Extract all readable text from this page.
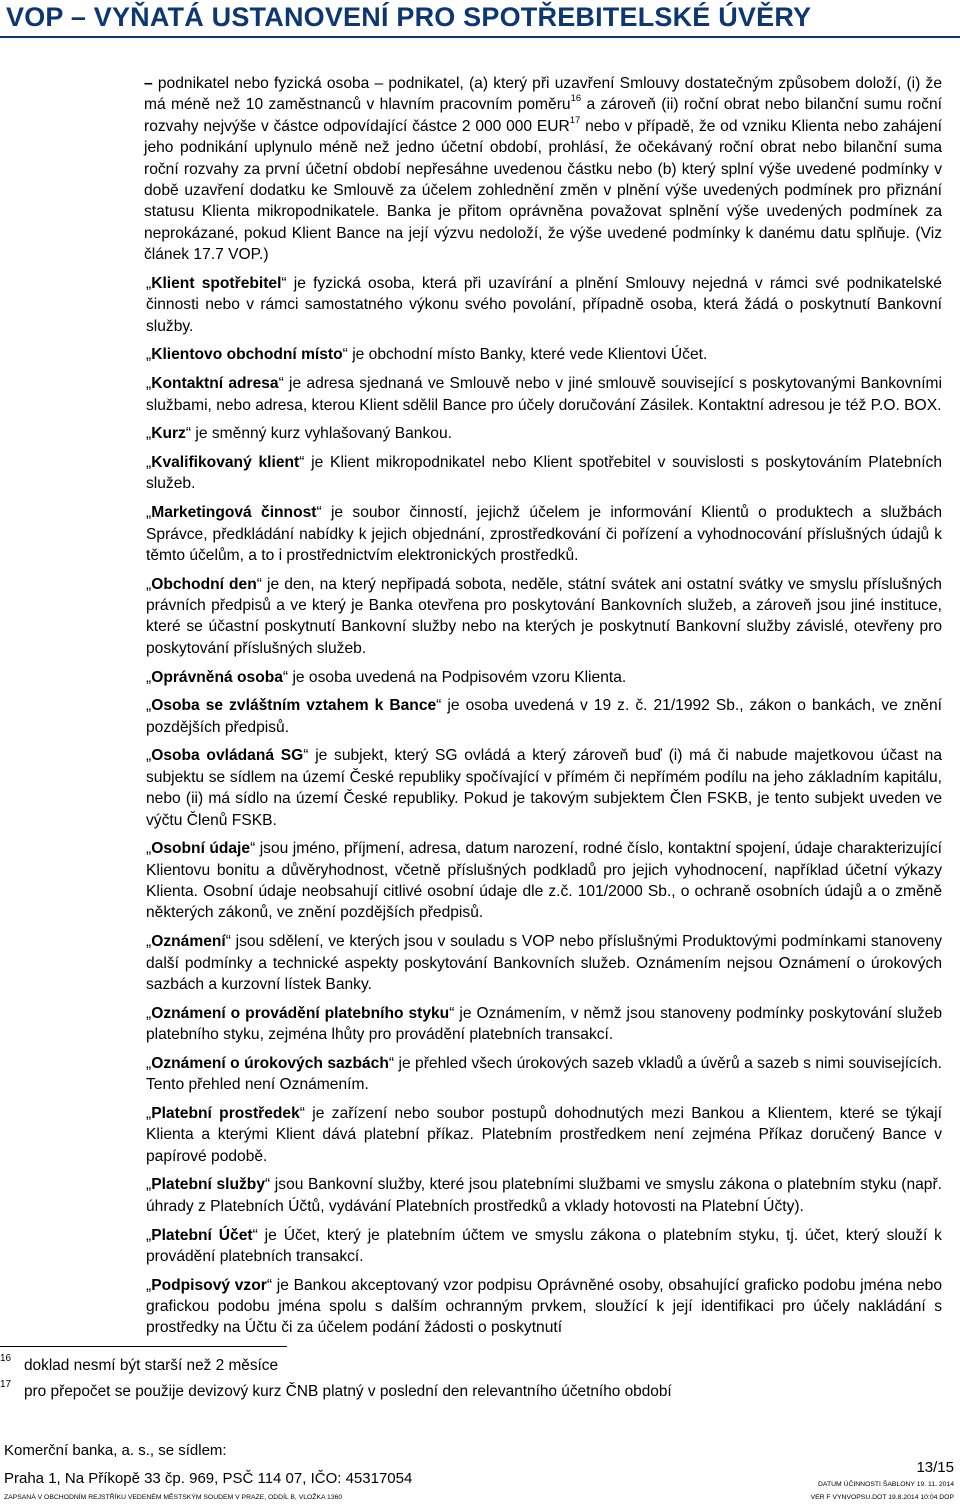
VOP – VYŇATÁ USTANOVENÍ PRO SPOTŘEBITELSKÉ ÚVĚRY

– podnikatel nebo fyzická osoba – podnikatel, (a) který při uzavření Smlouvy dostatečným způsobem doloží, (i) že má méně než 10 zaměstnanců v hlavním pracovním poměru$^{16}$ a zároveň (ii) roční obrat nebo bilanční sumu roční rozvahy nejvýše v částce odpovídající částce 2 000 000 EUR$^{17}$ nebo v případě, že od vzniku Klienta nebo zahájení jeho podnikání uplynulo méně než jedno účetní období, prohlásí, že očekávaný roční obrat nebo bilanční suma roční rozvahy za první účetní období nepřesáhne uvedenou částku nebo (b) který splní výše uvedené podmínky v době uzavření dodatku ke Smlouvě za účelem zohlednění změn v plnění výše uvedených podmínek pro přiznání statusu Klienta mikropodnikatele. Banka je přitom oprávněna považovat splnění výše uvedených podmínek za neprokázané, pokud Klient Bance na její výzvu nedoloží, že výše uvedené podmínky k danému datu splňuje. (Viz článek 17.7 VOP.)

„Klient spotřebitel“ je fyzická osoba, která při uzavírání a plnění Smlouvy nejedná v rámci své podnikatelské činnosti nebo v rámci samostatného výkonu svého povolání, případně osoba, která žádá o poskytnutí Bankovní služby.

„Klientovo obchodní místo“ je obchodní místo Banky, které vede Klientovi Účet.

„Kontaktní adresa“ je adresa sjednaná ve Smlouvě nebo v jiné smlouvě související s poskytovanými Bankovními službami, nebo adresa, kterou Klient sdělil Bance pro účely doručování Zásilek. Kontaktní adresou je též P.O. BOX.

„Kurz“ je směnný kurz vyhlašovaný Bankou.

„Kvalifikovaný klient“ je Klient mikropodnikatel nebo Klient spotřebitel v souvislosti s poskytováním Platebních služeb.

„Marketingová činnost“ je soubor činností, jejichž účelem je informování Klientů o produktech a službách Správce, předkládání nabídky k jejich objednání, zprostředkování či pořízení a vyhodnocování příslušných údajů k těmto účelům, a to i prostřednictvím elektronických prostředků.

„Obchodní den“ je den, na který nepřipadá sobota, neděle, státní svátek ani ostatní svátky ve smyslu příslušných právních předpisů a ve který je Banka otevřena pro poskytování Bankovních služeb, a zároveň jsou jiné instituce, které se účastní poskytnutí Bankovní služby nebo na kterých je poskytnutí Bankovní služby závislé, otevřeny pro poskytování příslušných služeb.

„Oprávněná osoba“ je osoba uvedená na Podpisovém vzoru Klienta.

„Osoba se zvláštním vztahem k Bance“ je osoba uvedená v 19 z. č. 21/1992 Sb., zákon o bankách, ve znění pozdějších předpisů.

„Osoba ovládaná SG“ je subjekt, který SG ovládá a který zároveň buď (i) má či nabude majetkovou účast na subjektu se sídlem na území České republiky spočívající v přímém či nepřímém podílu na jeho základním kapitálu, nebo (ii) má sídlo na území České republiky. Pokud je takovým subjektem Člen FSKB, je tento subjekt uveden ve výčtu Členů FSKB.

„Osobní údaje“ jsou jméno, příjmení, adresa, datum narození, rodné číslo, kontaktní spojení, údaje charakterizující Klientovu bonitu a důvěryhodnost, včetně příslušných podkladů pro jejich vyhodnocení, například účetní výkazy Klienta. Osobní údaje neobsahují citlivé osobní údaje dle z.č. 101/2000 Sb., o ochraně osobních údajů a o změně některých zákonů, ve znění pozdějších předpisů.

„Oznámení“ jsou sdělení, ve kterých jsou v souladu s VOP nebo příslušnými Produktovými podmínkami stanoveny další podmínky a technické aspekty poskytování Bankovních služeb. Oznámením nejsou Oznámení o úrokových sazbách a kurzovní lístek Banky.

„Oznámení o provádění platebního styku“ je Oznámením, v němž jsou stanoveny podmínky poskytování služeb platebního styku, zejména lhůty pro provádění platebních transakcí.

„Oznámení o úrokových sazbách“ je přehled všech úrokových sazeb vkladů a úvěrů a sazeb s nimi souvisejících. Tento přehled není Oznámením.

„Platební prostředek“ je zařízení nebo soubor postupů dohodnutých mezi Bankou a Klientem, které se týkají Klienta a kterými Klient dává platební příkaz. Platebním prostředkem není zejména Příkaz doručený Bance v papírové podobě.

„Platební služby“ jsou Bankovní služby, které jsou platebními službami ve smyslu zákona o platebním styku (např. úhrady z Platebních Účtů, vydávání Platebních prostředků a vklady hotovosti na Platební Účty).

„Platební Účet“ je Účet, který je platebním účtem ve smyslu zákona o platebním styku, tj. účet, který slouží k provádění platebních transakcí.

„Podpisový vzor“ je Bankou akceptovaný vzor podpisu Oprávněné osoby, obsahující graficko podobu jména nebo grafickou podobu jména spolu s dalším ochranným prvkem, sloužící k její identifikaci pro účely nakládání s prostředky na Účtu či za účelem podání žádosti o poskytnutí

16 doklad nesmí být starší než 2 měsíce
17 pro přepočet se použije devizový kurz ČNB platný v poslední den relevantního účetního období
Komerční banka, a. s., se sídlem:
Praha 1, Na Příkopě 33 čp. 969, PSČ 114 07, IČO: 45317054
ZAPSANÁ V OBCHODNÍM REJSTŘÍKU VEDENÉM MĚSTSKÝM SOUDEM V PRAZE, ODDÍL B, VLOŽKA 1360
13/15
DATUM ÚČINNOSTI ŠABLONY 19. 11. 2014
VER F VYNVOPSU.DOT 19.8.2014 10:04 DOP
